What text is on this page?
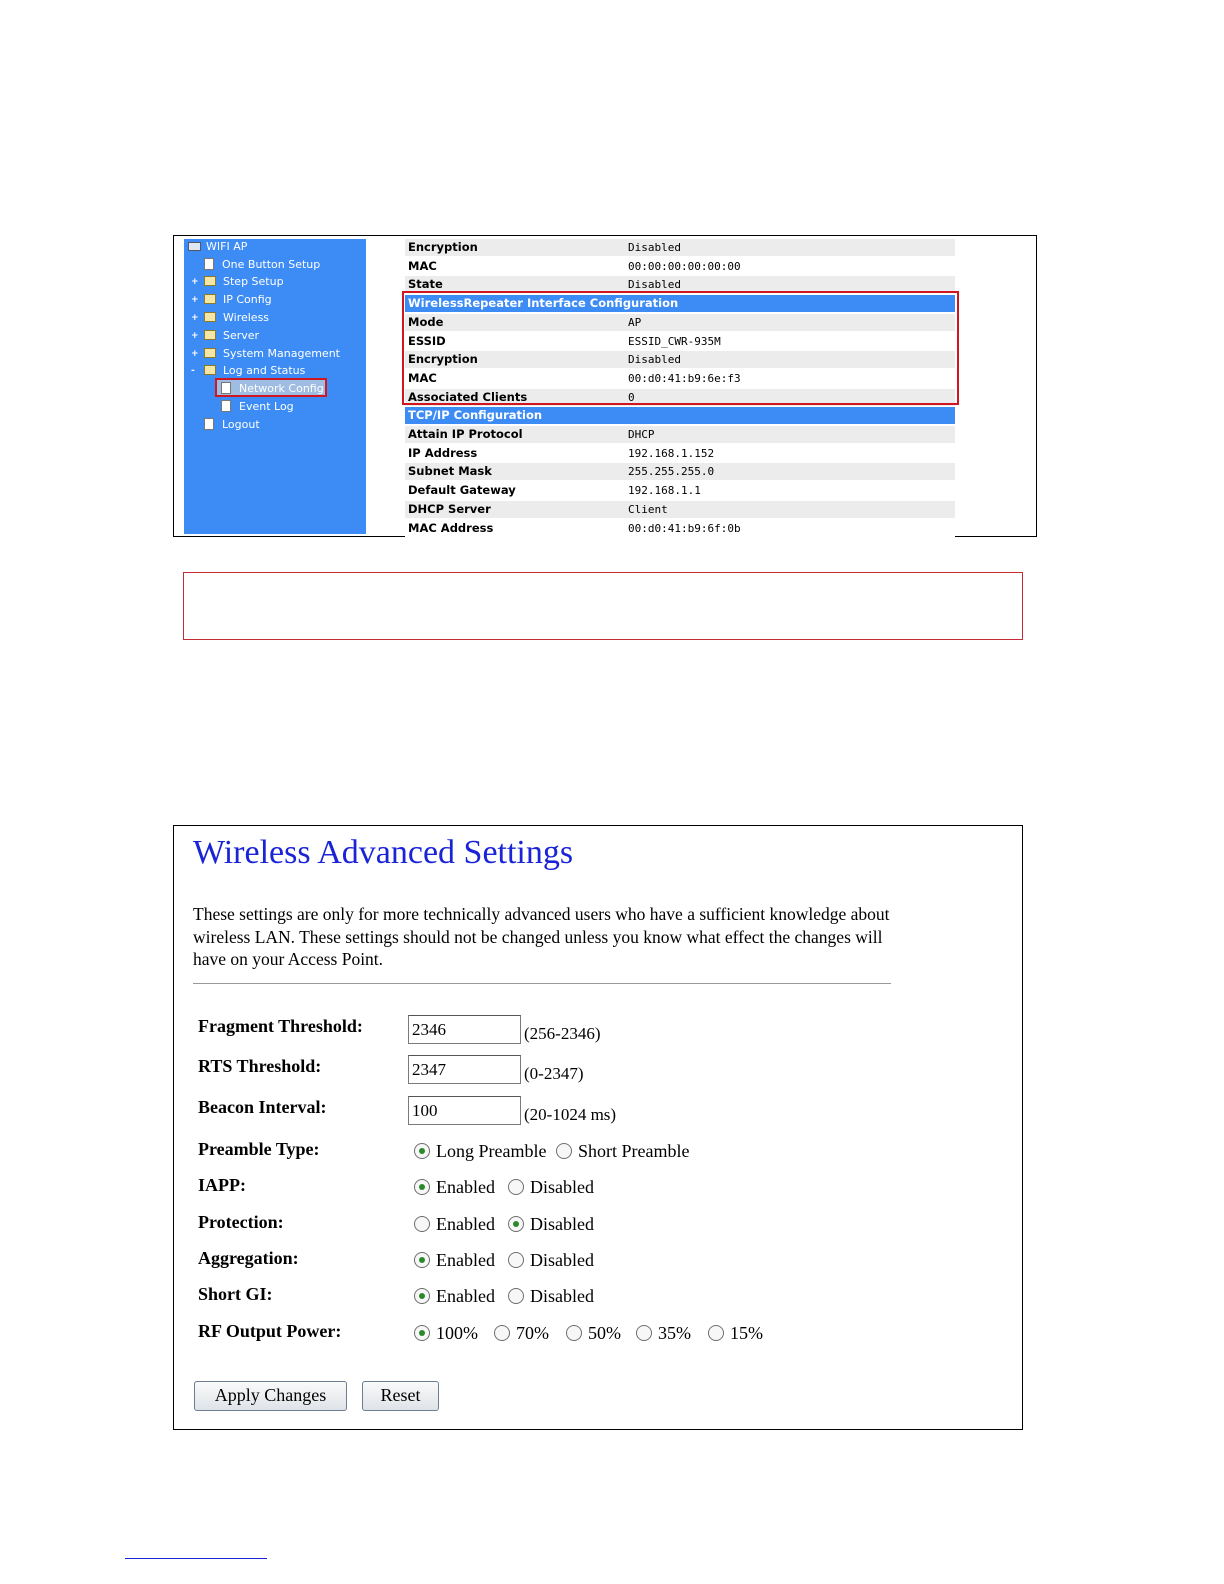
WIFI AP
One Button Setup
+ Step Setup
+ IP Config
+ Wireless
+ Server
+ System Management
-	Log and Status
Network Config
Event Log
Logout
Encryption	Disabled
MAC	00:00:00:00:00:00
State	Disabled
WirelessRepeater Interface Configuration
Mode	AP
ESSID	ESSID_CWR-935M
Encryption	Disabled
MAC	00:d0:41:b9:6e:f3
Associated Clients	0
TCP/IP Configuration
Attain IP Protocol	DHCP
IP Address	192.168.1.152
Subnet Mask	255.255.255.0
Default Gateway	192.168.1.1
DHCP Server	Client
MAC Address	00:d0:41:b9:6f:0b
Wireless Advanced Settings
These settings are only for more technically advanced users who have a sufficient knowledge about wireless LAN. These settings should not be changed unless you know what effect the changes will have on your Access Point.
Fragment Threshold:	2346	(256-2346)
RTS Threshold:	2347	(0-2347)
Beacon Interval:	100	(20-1024 ms)
Preamble Type:	Long Preamble Short Preamble
IAPP:	Enabled Disabled
Protection:	Enabled Disabled
Aggregation:	Enabled Disabled
Short GI:	Enabled Disabled
RF Output Power:	100% 70% 50% 35% 15%
Apply Changes	Reset
